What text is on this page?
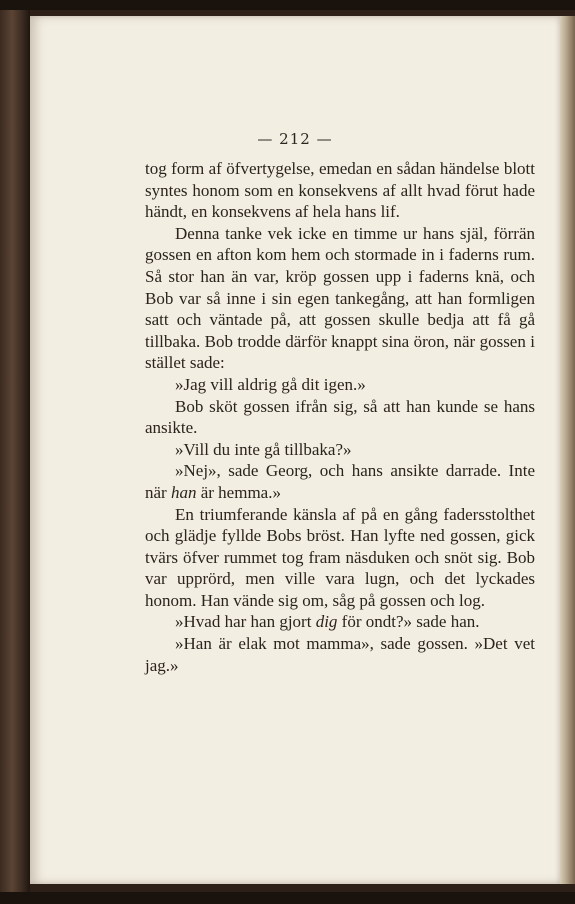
— 212 —

tog form af öfvertygelse, emedan en sådan händelse blott syntes honom som en konsekvens af allt hvad förut hade händt, en konsekvens af hela hans lif.

Denna tanke vek icke en timme ur hans själ, förrän gossen en afton kom hem och stormade in i faderns rum. Så stor han än var, kröp gossen upp i faderns knä, och Bob var så inne i sin egen tankegång, att han formligen satt och väntade på, att gossen skulle bedja att få gå tillbaka. Bob trodde därför knappt sina öron, när gossen i stället sade:

»Jag vill aldrig gå dit igen.»

Bob sköt gossen ifrån sig, så att han kunde se hans ansikte.

»Vill du inte gå tillbaka?»

»Nej», sade Georg, och hans ansikte darrade. Inte när han är hemma.»

En triumferande känsla af på en gång fadersstolthet och glädje fyllde Bobs bröst. Han lyfte ned gossen, gick tvärs öfver rummet tog fram näsduken och snöt sig. Bob var upprörd, men ville vara lugn, och det lyckades honom. Han vände sig om, såg på gossen och log.

»Hvad har han gjort dig för ondt?» sade han.

»Han är elak mot mamma», sade gossen. »Det vet jag.»
